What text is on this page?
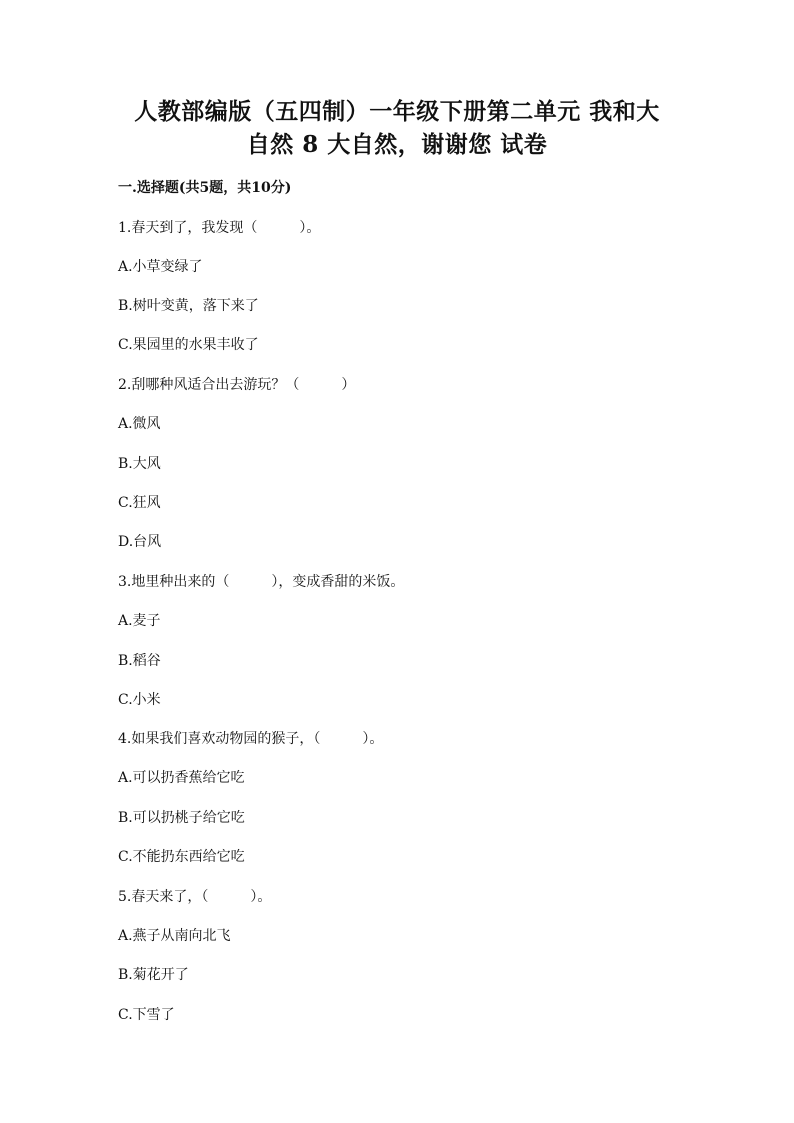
人教部编版（五四制）一年级下册第二单元 我和大
自然 8 大自然，谢谢您 试卷

一.选择题(共5题，共10分)

1.春天到了，我发现（　　　）。

A.小草变绿了

B.树叶变黄，落下来了

C.果园里的水果丰收了

2.刮哪种风适合出去游玩？（　　　）

A.微风

B.大风

C.狂风

D.台风

3.地里种出来的（　　　），变成香甜的米饭。

A.麦子

B.稻谷

C.小米

4.如果我们喜欢动物园的猴子，（　　　）。

A.可以扔香蕉给它吃

B.可以扔桃子给它吃

C.不能扔东西给它吃

5.春天来了，（　　　）。

A.燕子从南向北飞

B.菊花开了

C.下雪了
